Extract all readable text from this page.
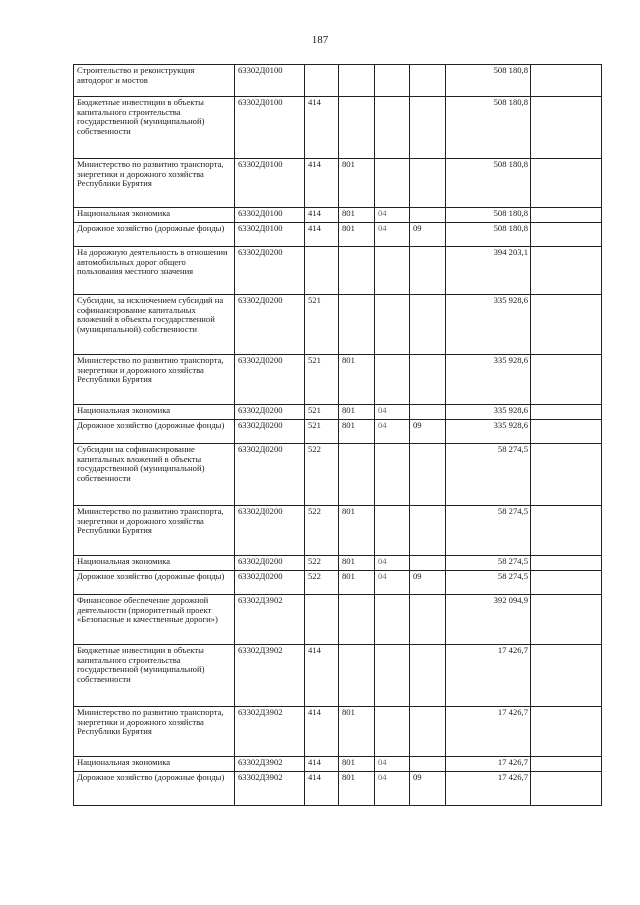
187
Строительство и реконструкция автодорог и мостов	63302Д0100					508 180,8	
Бюджетные инвестиции в объекты капитального строительства государственной (муниципальной) собственности	63302Д0100	414				508 180,8	
Министерство по развитию транспорта, энергетики и дорожного хозяйства Республики Бурятия	63302Д0100	414	801			508 180,8	
Национальная экономика	63302Д0100	414	801	04		508 180,8	
Дорожное хозяйство (дорожные фонды)	63302Д0100	414	801	04	09	508 180,8	
На дорожную деятельность в отношении автомобильных дорог общего пользования местного значения	63302Д0200					394 203,1	
Субсидии, за исключением субсидий на софинансирование капитальных вложений в объекты государственной (муниципальной) собственности	63302Д0200	521				335 928,6	
Министерство по развитию транспорта, энергетики и дорожного хозяйства Республики Бурятия	63302Д0200	521	801			335 928,6	
Национальная экономика	63302Д0200	521	801	04		335 928,6	
Дорожное хозяйство (дорожные фонды)	63302Д0200	521	801	04	09	335 928,6	
Субсидии на софинансирование капитальных вложений в объекты государственной (муниципальной) собственности	63302Д0200	522				58 274,5	
Министерство по развитию транспорта, энергетики и дорожного хозяйства Республики Бурятия	63302Д0200	522	801			58 274,5	
Национальная экономика	63302Д0200	522	801	04		58 274,5	
Дорожное хозяйство (дорожные фонды)	63302Д0200	522	801	04	09	58 274,5	
Финансовое обеспечение дорожной деятельности (приоритетный проект «Безопасные и качественные дороги»)	63302Д3902					392 094,9	
Бюджетные инвестиции в объекты капитального строительства государственной (муниципальной) собственности	63302Д3902	414				17 426,7	
Министерство по развитию транспорта, энергетики и дорожного хозяйства Республики Бурятия	63302Д3902	414	801			17 426,7	
Национальная экономика	63302Д3902	414	801	04		17 426,7	
Дорожное хозяйство (дорожные фонды)	63302Д3902	414	801	04	09	17 426,7	
